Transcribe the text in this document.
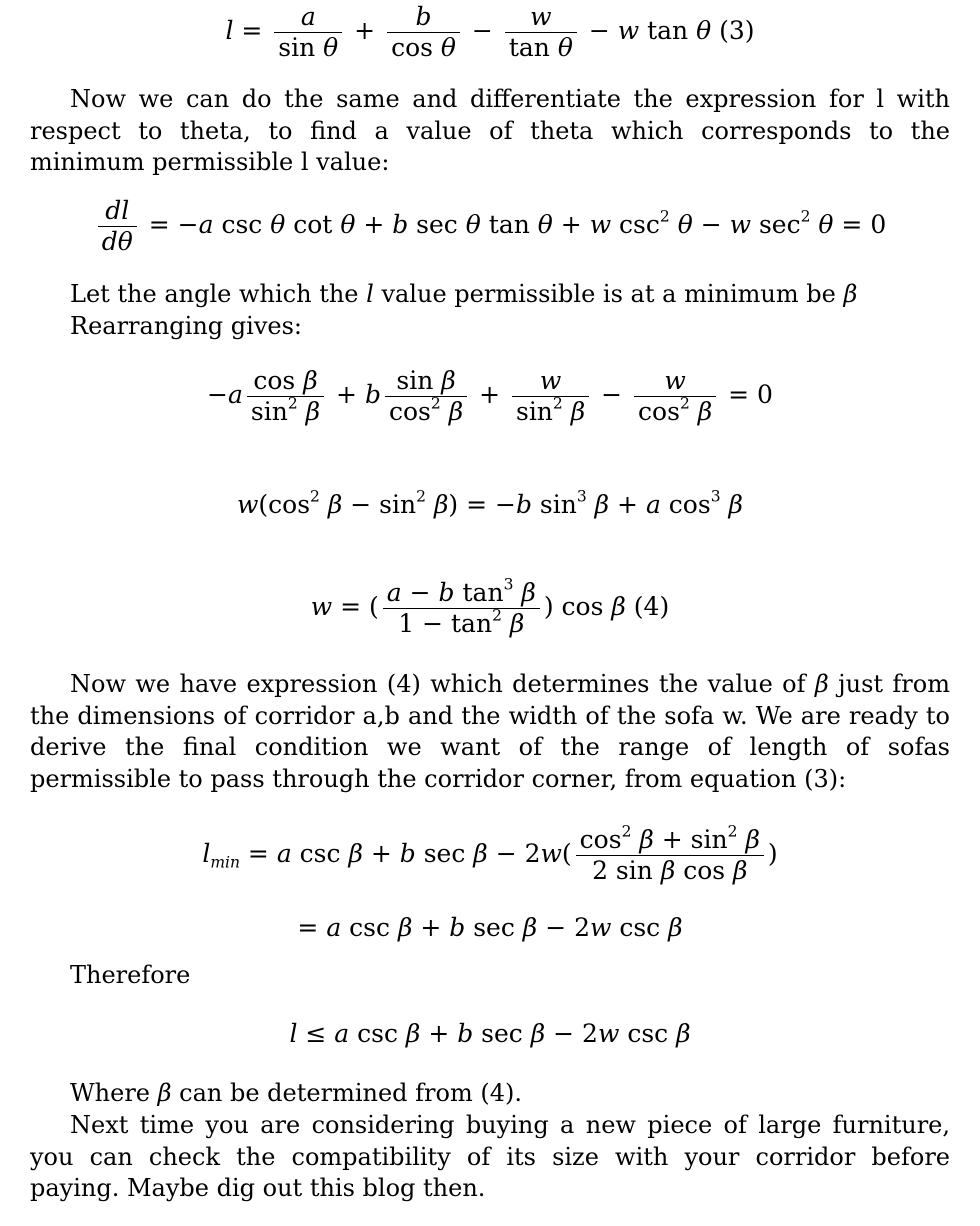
$l = \frac{a}{\text{sin θ}} + \frac{b}{\text{cos θ}} - \frac{w}{\text{tan θ}} - w$ tan θ (3)
Now we can do the same and differentiate the expression for l with respect to theta, to find a value of theta which corresponds to the minimum permissible l value:
$\frac{dl}{d\theta} = -a$ csc θ cot θ + b sec θ tan θ + w $\csc^2 \theta - w$ $\sec^2 \theta = 0$
Let the angle which the l value permissible is at a minimum be β
Rearranging gives:
$-a \frac{\text{cos β}}{\sin^2 \beta} + b \frac{\text{sin β}}{\cos^2 \beta} + \frac{w}{\sin^2 \beta} - \frac{w}{\cos^2 \beta} = 0$
$w(\cos^2$ $\beta - \sin^2 \beta) = -b$ $\sin^3 \beta + a$ $\cos^3 \beta$
w = ( $\frac{a - b \tan^3 \beta}{1 - \tan^2 \beta}$ ) cos β (4)
Now we have expression (4) which determines the value of β just from the dimensions of corridor a,b and the width of the sofa w. We are ready to derive the final condition we want of the range of length of sofas permissible to pass through the corridor corner, from equation (3):
$l_{min} = a$ csc β + b $\sec \beta - 2w( \frac{\cos^2 \beta + \sin^2 \beta}{\text{2 sin β cos β}}$ )
= a csc β + b sec β − 2w csc β
Therefore
l ≤ a csc β + b sec β − 2w csc β
Where β can be determined from (4).
Next time you are considering buying a new piece of large furniture, you can check the compatibility of its size with your corridor before paying. Maybe dig out this blog then.
